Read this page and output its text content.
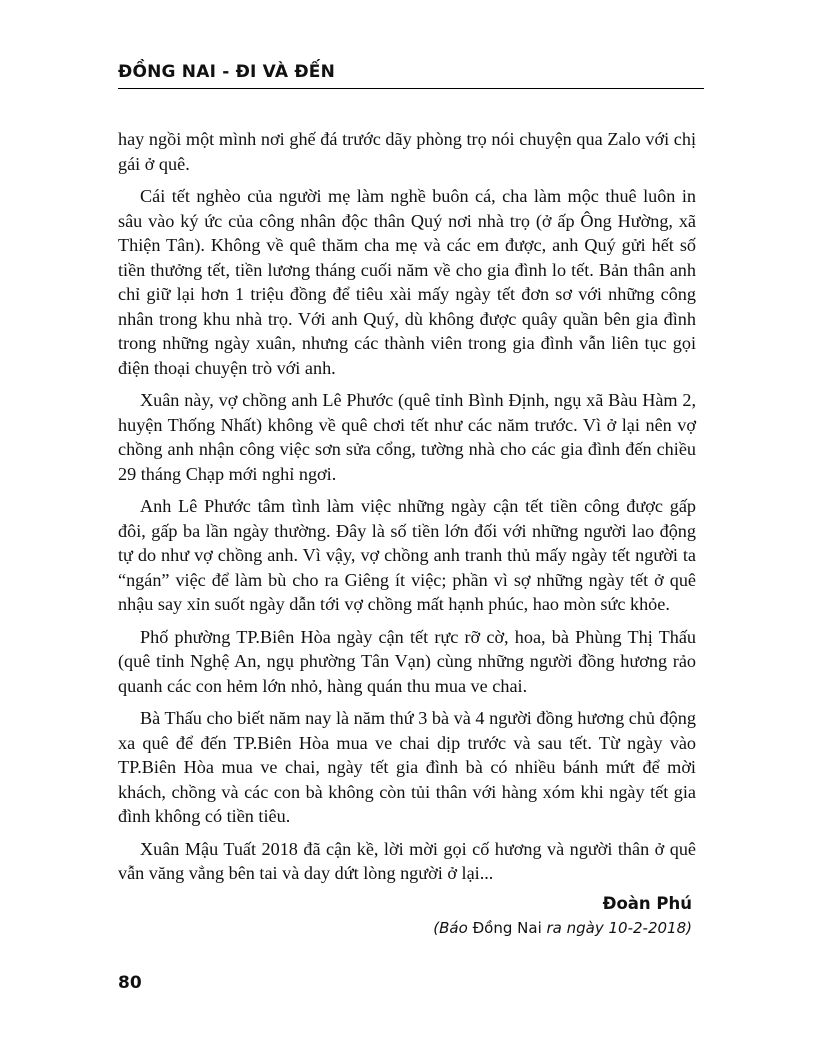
ĐỒNG NAI - ĐI VÀ ĐẾN

hay ngồi một mình nơi ghế đá trước dãy phòng trọ nói chuyện qua Zalo với chị gái ở quê.

Cái tết nghèo của người mẹ làm nghề buôn cá, cha làm mộc thuê luôn in sâu vào ký ức của công nhân độc thân Quý nơi nhà trọ (ở ấp Ông Hường, xã Thiện Tân). Không về quê thăm cha mẹ và các em được, anh Quý gửi hết số tiền thưởng tết, tiền lương tháng cuối năm về cho gia đình lo tết. Bản thân anh chỉ giữ lại hơn 1 triệu đồng để tiêu xài mấy ngày tết đơn sơ với những công nhân trong khu nhà trọ. Với anh Quý, dù không được quây quần bên gia đình trong những ngày xuân, nhưng các thành viên trong gia đình vẫn liên tục gọi điện thoại chuyện trò với anh.

Xuân này, vợ chồng anh Lê Phước (quê tỉnh Bình Định, ngụ xã Bàu Hàm 2, huyện Thống Nhất) không về quê chơi tết như các năm trước. Vì ở lại nên vợ chồng anh nhận công việc sơn sửa cổng, tường nhà cho các gia đình đến chiều 29 tháng Chạp mới nghỉ ngơi.

Anh Lê Phước tâm tình làm việc những ngày cận tết tiền công được gấp đôi, gấp ba lần ngày thường. Đây là số tiền lớn đối với những người lao động tự do như vợ chồng anh. Vì vậy, vợ chồng anh tranh thủ mấy ngày tết người ta “ngán” việc để làm bù cho ra Giêng ít việc; phần vì sợ những ngày tết ở quê nhậu say xỉn suốt ngày dẫn tới vợ chồng mất hạnh phúc, hao mòn sức khỏe.

Phố phường TP.Biên Hòa ngày cận tết rực rỡ cờ, hoa, bà Phùng Thị Thấu (quê tỉnh Nghệ An, ngụ phường Tân Vạn) cùng những người đồng hương rảo quanh các con hẻm lớn nhỏ, hàng quán thu mua ve chai.

Bà Thấu cho biết năm nay là năm thứ 3 bà và 4 người đồng hương chủ động xa quê để đến TP.Biên Hòa mua ve chai dịp trước và sau tết. Từ ngày vào TP.Biên Hòa mua ve chai, ngày tết gia đình bà có nhiều bánh mứt để mời khách, chồng và các con bà không còn tủi thân với hàng xóm khi ngày tết gia đình không có tiền tiêu.

Xuân Mậu Tuất 2018 đã cận kề, lời mời gọi cố hương và người thân ở quê vẫn văng vẳng bên tai và day dứt lòng người ở lại...

Đoàn Phú
(Báo Đồng Nai ra ngày 10-2-2018)
80
